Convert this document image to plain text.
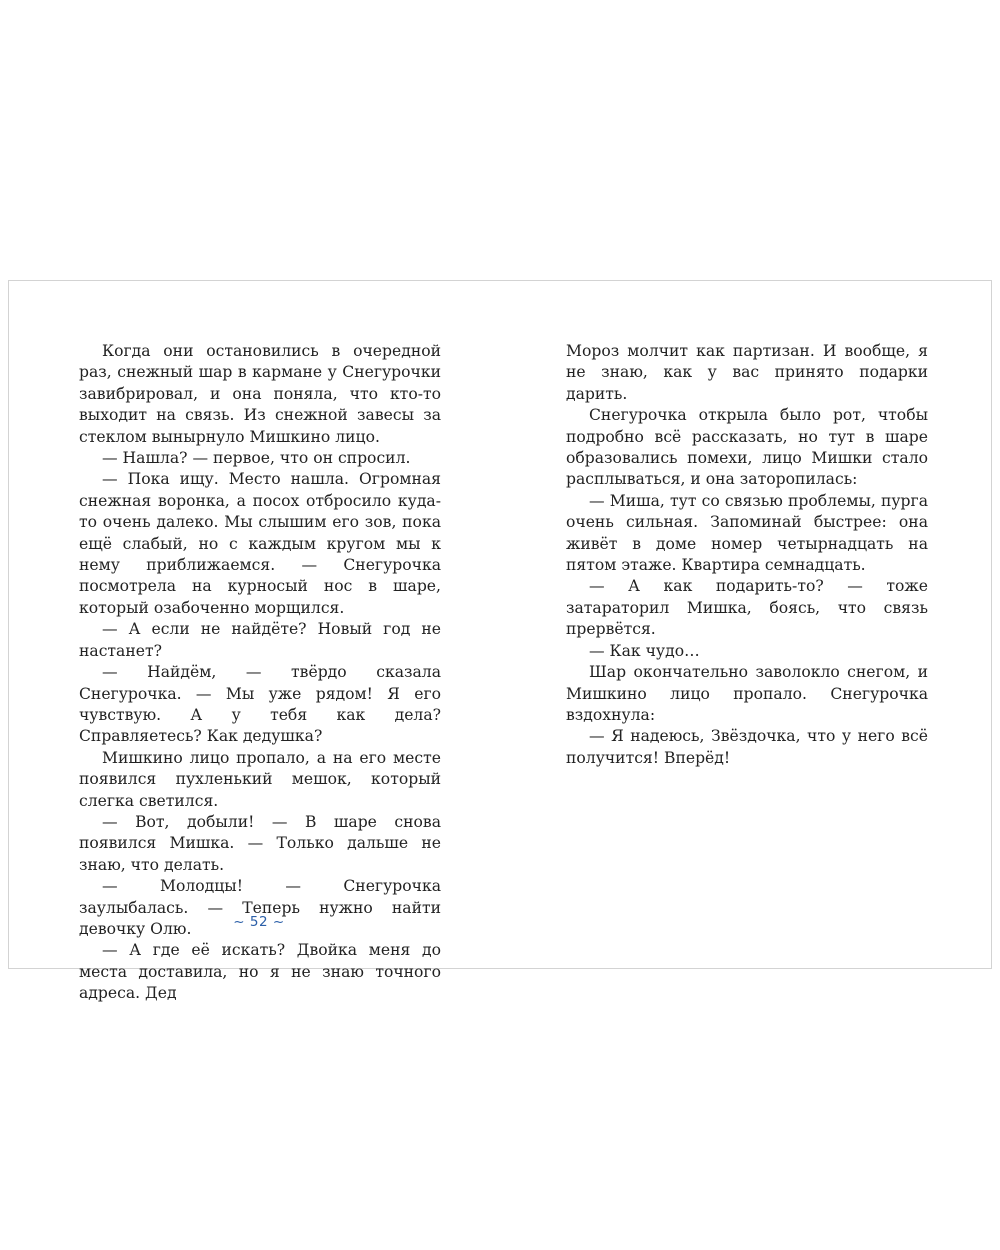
Когда они остановились в очередной раз, снежный шар в кармане у Снегурочки завибрировал, и она поняла, что кто-то выходит на связь. Из снежной завесы за стеклом вынырнуло Мишкино лицо.

— Нашла? — первое, что он спросил.

— Пока ищу. Место нашла. Огромная снежная воронка, а посох отбросило куда-то очень далеко. Мы слышим его зов, пока ещё слабый, но с каждым кругом мы к нему приближаемся. — Снегурочка посмотрела на курносый нос в шаре, который озабоченно морщился.

— А если не найдёте? Новый год не настанет?

— Найдём, — твёрдо сказала Снегурочка. — Мы уже рядом! Я его чувствую. А у тебя как дела? Справляетесь? Как дедушка?

Мишкино лицо пропало, а на его месте появился пухленький мешок, который слегка светился.

— Вот, добыли! — В шаре снова появился Мишка. — Только дальше не знаю, что делать.

— Молодцы! — Снегурочка заулыбалась. — Теперь нужно найти девочку Олю.

— А где её искать? Двойка меня до места доставила, но я не знаю точного адреса. Дед

~ 52 ~

Мороз молчит как партизан. И вообще, я не знаю, как у вас принято подарки дарить.

Снегурочка открыла было рот, чтобы подробно всё рассказать, но тут в шаре образовались помехи, лицо Мишки стало расплываться, и она заторопилась:

— Миша, тут со связью проблемы, пурга очень сильная. Запоминай быстрее: она живёт в доме номер четырнадцать на пятом этаже. Квартира семнадцать.

— А как подарить-то? — тоже затараторил Мишка, боясь, что связь прервётся.

— Как чудо…

Шар окончательно заволокло снегом, и Мишкино лицо пропало. Снегурочка вздохнула:

— Я надеюсь, Звёздочка, что у него всё получится! Вперёд!
